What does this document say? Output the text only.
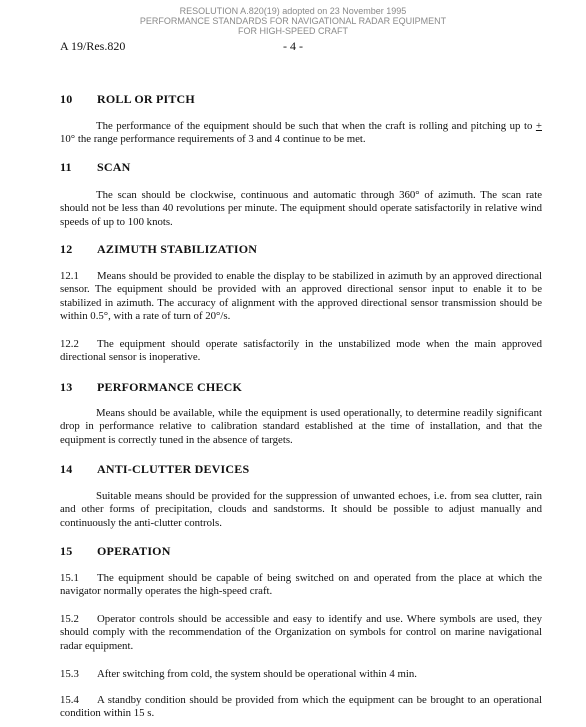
RESOLUTION A.820(19) adopted on 23 November 1995
PERFORMANCE STANDARDS FOR NAVIGATIONAL RADAR EQUIPMENT
FOR HIGH-SPEED CRAFT
A 19/Res.820	- 4 -
10 ROLL OR PITCH
The performance of the equipment should be such that when the craft is rolling and pitching up to + 10° the range performance requirements of 3 and 4 continue to be met.
11 SCAN
The scan should be clockwise, continuous and automatic through 360° of azimuth. The scan rate should not be less than 40 revolutions per minute. The equipment should operate satisfactorily in relative wind speeds of up to 100 knots.
12 AZIMUTH STABILIZATION
12.1 Means should be provided to enable the display to be stabilized in azimuth by an approved directional sensor. The equipment should be provided with an approved directional sensor input to enable it to be stabilized in azimuth. The accuracy of alignment with the approved directional sensor transmission should be within 0.5°, with a rate of turn of 20°/s.
12.2 The equipment should operate satisfactorily in the unstabilized mode when the main approved directional sensor is inoperative.
13 PERFORMANCE CHECK
Means should be available, while the equipment is used operationally, to determine readily significant drop in performance relative to calibration standard established at the time of installation, and that the equipment is correctly tuned in the absence of targets.
14 ANTI-CLUTTER DEVICES
Suitable means should be provided for the suppression of unwanted echoes, i.e. from sea clutter, rain and other forms of precipitation, clouds and sandstorms. It should be possible to adjust manually and continuously the anti-clutter controls.
15 OPERATION
15.1 The equipment should be capable of being switched on and operated from the place at which the navigator normally operates the high-speed craft.
15.2 Operator controls should be accessible and easy to identify and use. Where symbols are used, they should comply with the recommendation of the Organization on symbols for control on marine navigational radar equipment.
15.3 After switching from cold, the system should be operational within 4 min.
15.4 A standby condition should be provided from which the equipment can be brought to an operational condition within 15 s.
